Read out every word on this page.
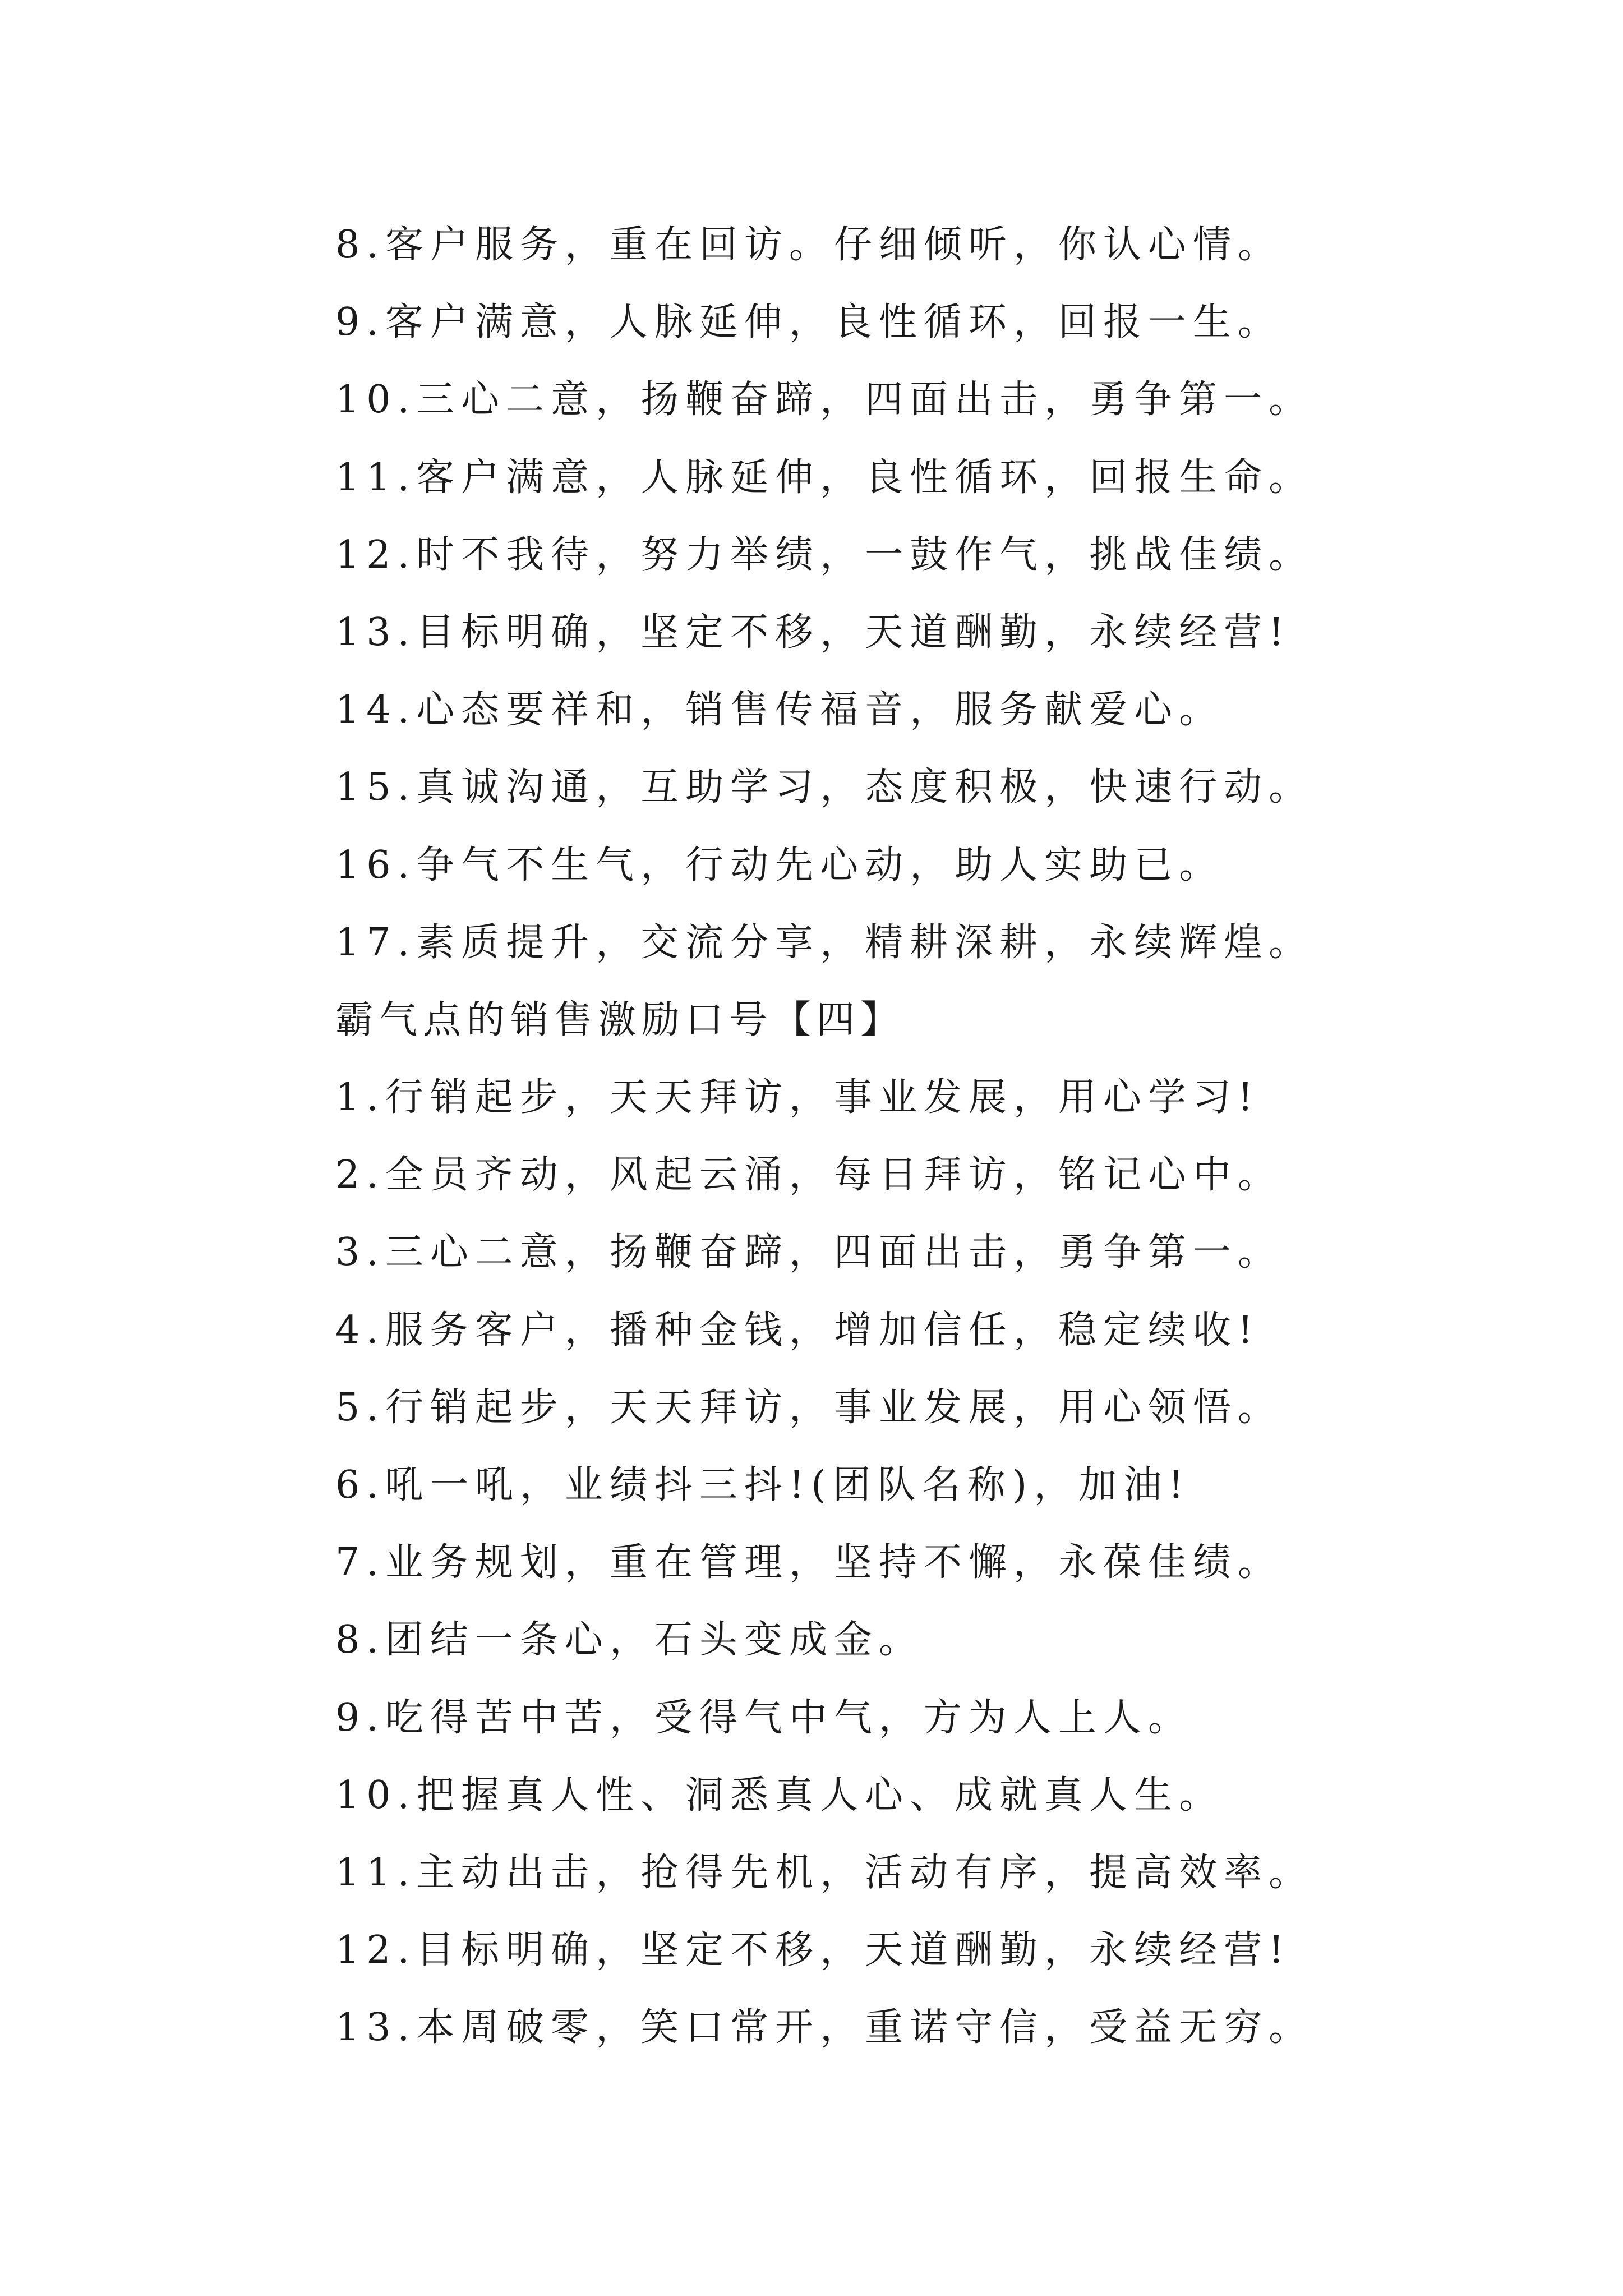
8.客户服务，重在回访。仔细倾听，你认心情。
9.客户满意，人脉延伸，良性循环，回报一生。
10.三心二意，扬鞭奋蹄，四面出击，勇争第一。
11.客户满意，人脉延伸，良性循环，回报生命。
12.时不我待，努力举绩，一鼓作气，挑战佳绩。
13.目标明确，坚定不移，天道酬勤，永续经营!
14.心态要祥和，销售传福音，服务献爱心。
15.真诚沟通，互助学习，态度积极，快速行动。
16.争气不生气，行动先心动，助人实助已。
17.素质提升，交流分享，精耕深耕，永续辉煌。
霸气点的销售激励口号【四】
1.行销起步，天天拜访，事业发展，用心学习!
2.全员齐动，风起云涌，每日拜访，铭记心中。
3.三心二意，扬鞭奋蹄，四面出击，勇争第一。
4.服务客户，播种金钱，增加信任，稳定续收!
5.行销起步，天天拜访，事业发展，用心领悟。
6.吼一吼，业绩抖三抖!(团队名称)，加油!
7.业务规划，重在管理，坚持不懈，永葆佳绩。
8.团结一条心，石头变成金。
9.吃得苦中苦，受得气中气，方为人上人。
10.把握真人性、洞悉真人心、成就真人生。
11.主动出击，抢得先机，活动有序，提高效率。
12.目标明确，坚定不移，天道酬勤，永续经营!
13.本周破零，笑口常开，重诺守信，受益无穷。
